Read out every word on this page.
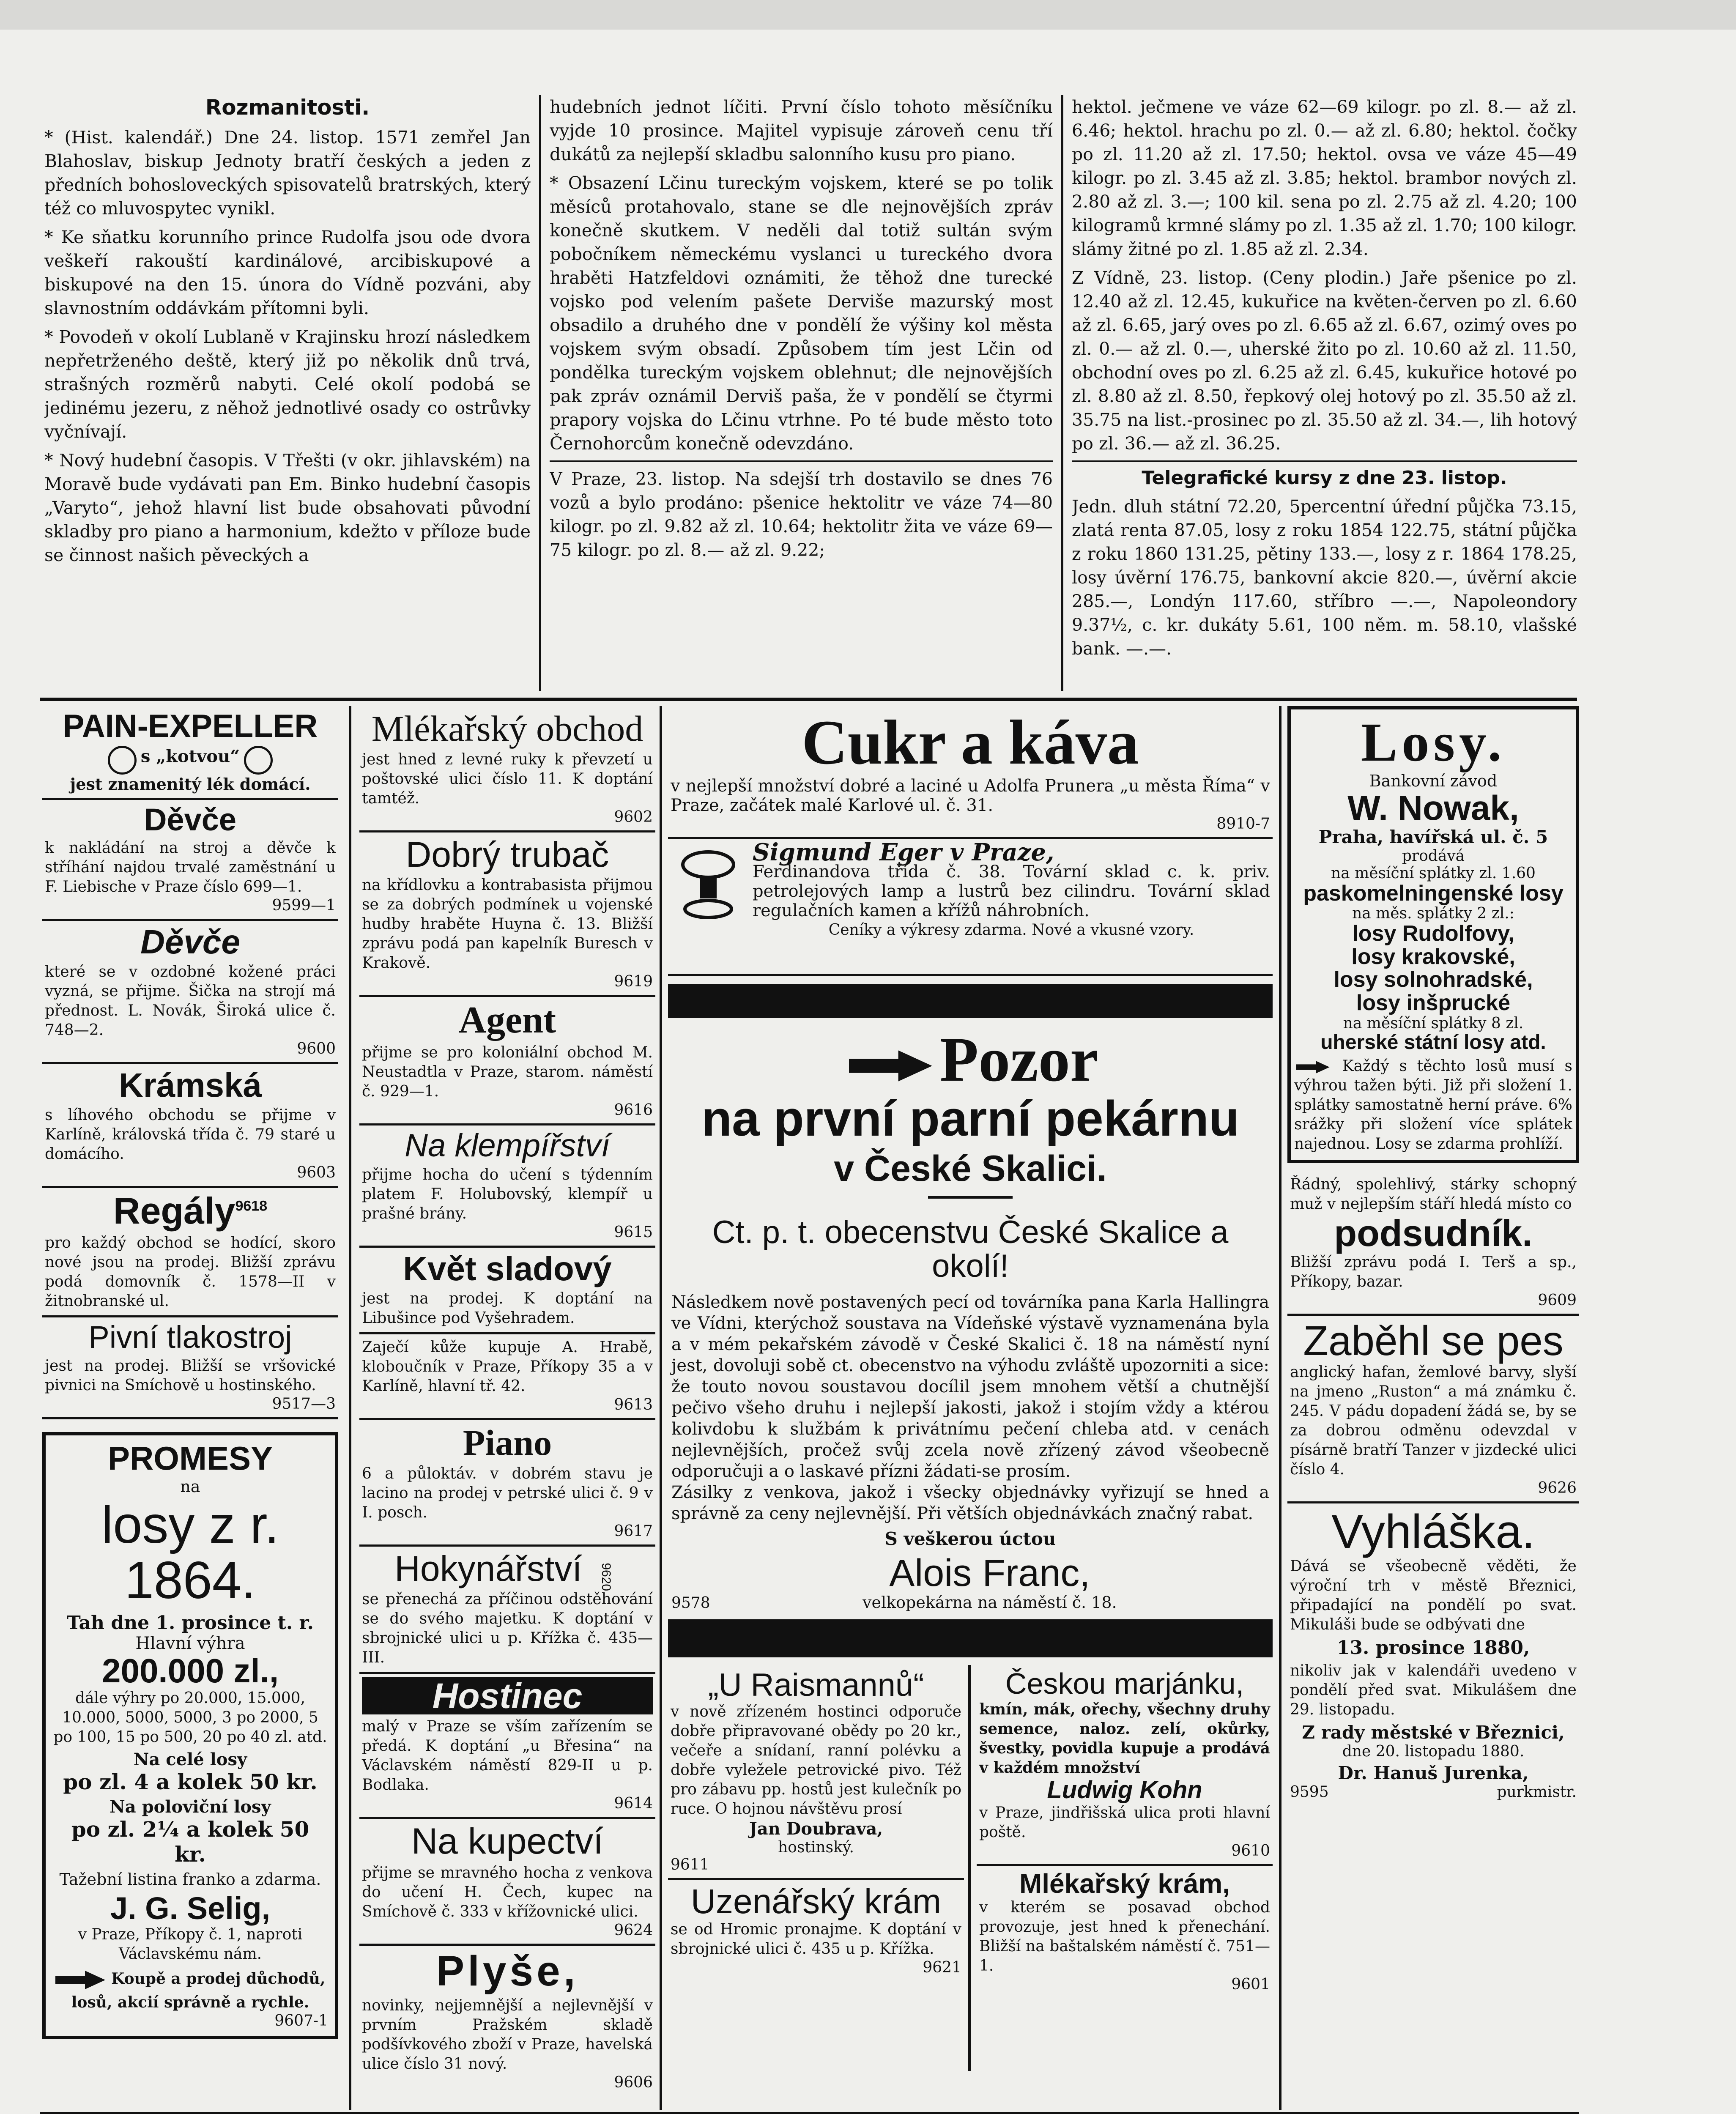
Rozmanitosti.

* (Hist. kalendář.) Dne 24. listop. 1571 zemřel Jan Blahoslav, biskup Jednoty bratří českých a jeden z předních bohosloveckých spisovatelů bratrských, který též co mluvospytec vynikl.

* Ke sňatku korunního prince Rudolfa jsou ode dvora veškeří rakouští kardinálové, arcibiskupové a biskupové na den 15. února do Vídně pozváni, aby slavnostním oddávkám přítomni byli.

* Povodeň v okolí Lublaně v Krajinsku hrozí následkem nepřetrženého deště, který již po několik dnů trvá, strašných rozměrů nabyti. Celé okolí podobá se jedinému jezeru, z něhož jednotlivé osady co ostrůvky vyčnívají.

* Nový hudební časopis. V Třešti (v okr. jihlavském) na Moravě bude vydávati pan Em. Binko hudební časopis „Varyto“, jehož hlavní list bude obsahovati původní skladby pro piano a harmonium, kdežto v příloze bude se činnost našich pěveckých a

hudebních jednot líčiti. První číslo tohoto měsíčníku vyjde 10 prosince. Majitel vypisuje zároveň cenu tří dukátů za nejlepší skladbu salonního kusu pro piano.

* Obsazení Lčinu tureckým vojskem, které se po tolik měsíců protahovalo, stane se dle nejnovějších zpráv konečně skutkem. V neděli dal totiž sultán svým pobočníkem německému vyslanci u tureckého dvora hraběti Hatzfeldovi oznámiti, že těhož dne turecké vojsko pod velením pašete Derviše mazurský most obsadilo a druhého dne v pondělí že výšiny kol města vojskem svým obsadí. Způsobem tím jest Lčin od pondělka tureckým vojskem oblehnut; dle nejnovějších pak zpráv oznámil Derviš paša, že v pondělí se čtyrmi prapory vojska do Lčinu vtrhne. Po té bude město toto Černohorcům konečně odevzdáno.

V Praze, 23. listop. Na sdejší trh dostavilo se dnes 76 vozů a bylo prodáno: pšenice hektolitr ve váze 74—80 kilogr. po zl. 9.82 až zl. 10.64; hektolitr žita ve váze 69—75 kilogr. po zl. 8.— až zl. 9.22;

hektol. ječmene ve váze 62—69 kilogr. po zl. 8.— až zl. 6.46; hektol. hrachu po zl. 0.— až zl. 6.80; hektol. čočky po zl. 11.20 až zl. 17.50; hektol. ovsa ve váze 45—49 kilogr. po zl. 3.45 až zl. 3.85; hektol. brambor nových zl. 2.80 až zl. 3.—; 100 kil. sena po zl. 2.75 až zl. 4.20; 100 kilogramů krmné slámy po zl. 1.35 až zl. 1.70; 100 kilogr. slámy žitné po zl. 1.85 až zl. 2.34.

Z Vídně, 23. listop. (Ceny plodin.) Jaře pšenice po zl. 12.40 až zl. 12.45, kukuřice na květen-červen po zl. 6.60 až zl. 6.65, jarý oves po zl. 6.65 až zl. 6.67, ozimý oves po zl. 0.— až zl. 0.—, uherské žito po zl. 10.60 až zl. 11.50, obchodní oves po zl. 6.25 až zl. 6.45, kukuřice hotové po zl. 8.80 až zl. 8.50, řepkový olej hotový po zl. 35.50 až zl. 35.75 na list.-prosinec po zl. 35.50 až zl. 34.—, lih hotový po zl. 36.— až zl. 36.25.

Telegrafické kursy z dne 23. listop.

Jedn. dluh státní 72.20, 5percentní úřední půjčka 73.15, zlatá renta 87.05, losy z roku 1854 122.75, státní půjčka z roku 1860 131.25, pětiny 133.—, losy z r. 1864 178.25, losy úvěrní 176.75, bankovní akcie 820.—, úvěrní akcie 285.—, Londýn 117.60, stříbro —.—, Napoleondory 9.37½, c. kr. dukáty 5.61, 100 něm. m. 58.10, vlašské bank. —.—.

PAIN-EXPELLER
s „kotvou“
jest znamenitý lék domácí.
Děvče

k nakládání na stroj a děvče k stříhání najdou trvalé zaměstnání u F. Liebische v Praze číslo 699—1.

9599—1

Děvče

které se v ozdobné kožené práci vyzná, se přijme. Šička na strojí má přednost. L. Novák, Široká ulice č. 748—2.

9600

Krámská

s líhového obchodu se přijme v Karlíně, královská třída č. 79 staré u domácího.

9603

Regály$^{9618}$

pro každý obchod se hodící, skoro nové jsou na prodej. Bližší zprávu podá domovník č. 1578—II v žitnobranské ul.

Pivní tlakostroj

jest na prodej. Bližší se vršovické pivnici na Smíchově u hostinského.

9517—3

PROMESY

na

losy z r. 1864.

Tah dne 1. prosince t. r.

Hlavní výhra

200.000 zl.,

dále výhry po 20.000, 15.000, 10.000, 5000, 5000, 3 po 2000, 5 po 100, 15 po 500, 20 po 40 zl. atd.

Na celé losy

po zl. 4 a kolek 50 kr.

Na poloviční losy

po zl. 2¼ a kolek 50 kr.

Tažební listina franko a zdarma.

J. G. Selig,

v Praze, Příkopy č. 1, naproti Václavskému nám.

Koupě a prodej důchodů, losů, akcií správně a rychle.

9607-1

Mlékařský obchod

jest hned z levné ruky k převzetí u poštovské ulici číslo 11. K doptání tamtéž.

9602

Dobrý trubač

na křídlovku a kontrabasista přijmou se za dobrých podmínek u vojenské hudby hraběte Huyna č. 13. Bližší zprávu podá pan kapelník Buresch v Krakově.

9619

Agent

přijme se pro koloniální obchod M. Neustadtla v Praze, starom. náměstí č. 929—1.

9616

Na klempířství

přijme hocha do učení s týdenním platem F. Holubovský, klempíř u prašné brány.

9615

Květ sladový

jest na prodej. K doptání na Libušince pod Vyšehradem.

Zaječí kůže kupuje A. Hrabě, kloboučník v Praze, Příkopy 35 a v Karlíně, hlavní tř. 42.

9613

Piano

6 a půloktáv. v dobrém stavu je lacino na prodej v petrské ulici č. 9 v I. posch.

9617

Hokynářství 9620

se přenechá za příčinou odstěhování se do svého majetku. K doptání v sbrojnické ulici u p. Křížka č. 435—III.

Hostinec

malý v Praze se vším zařízením se předá. K doptání „u Břesina“ na Václavském náměstí 829-II u p. Bodlaka.

9614

Na kupectví

přijme se mravného hocha z venkova do učení H. Čech, kupec na Smíchově č. 333 v křížovnické ulici.

9624

Plyše,

novinky, nejjemnější a nejlevnější v prvním Pražském skladě podšívkového zboží v Praze, havelská ulice číslo 31 nový.

9606

Cukr a káva

v nejlepší množství dobré a laciné u Adolfa Prunera „u města Říma“ v Praze, začátek malé Karlové ul. č. 31.

8910-7

Sigmund Eger v Praze,

Ferdinandova třída č. 38. Tovární sklad c. k. priv. petrolejových lamp a lustrů bez cilindru. Tovární sklad regulačních kamen a křížů náhrobních.

Ceníky a výkresy zdarma. Nové a vkusné vzory.

Pozor

na první parní pekárnu

v České Skalici.

Ct. p. t. obecenstvu České Skalice a okolí!

Následkem nově postavených pecí od továrníka pana Karla Hallingra ve Vídni, kterýchož soustava na Vídeňské výstavě vyznamenána byla a v mém pekařském závodě v České Skalici č. 18 na náměstí nyní jest, dovoluji sobě ct. obecenstvo na výhodu zvláště upozorniti a sice: že touto novou soustavou docílil jsem mnohem větší a chutnější pečivo všeho druhu i nejlepší jakosti, jakož i stojím vždy a ktérou kolivdobu k službám k privátnímu pečení chleba atd. v cenách nejlevnějších, pročež svůj zcela nově zřízený závod všeobecně odporučuji a o laskavé přízni žádati-se prosím.

Zásilky z venkova, jakož i všecky objednávky vyřizují se hned a správně za ceny nejlevnější. Při větších objednávkách značný rabat.

S veškerou úctou

9578
Alois Franc,
velkopekárna na náměstí č. 18.

„U Raismannů“

v nově zřízeném hostinci odporuče dobře připravované obědy po 20 kr., večeře a snídaní, ranní polévku a dobře vyležele petrovické pivo. Též pro zábavu pp. hostů jest kulečník po ruce. O hojnou návštěvu prosí

Jan Doubrava,

hostinský.

9611

Uzenářský krám

se od Hromic pronajme. K doptání v sbrojnické ulici č. 435 u p. Křížka.

9621

Českou marjánku,

kmín, mák, ořechy, všechny druhy semence, naloz. zelí, okůrky, švestky, povidla kupuje a prodává v každém množství

Ludwig Kohn

v Praze, jindřišská ulica proti hlavní poště.

9610

Mlékařský krám,

v kterém se posavad obchod provozuje, jest hned k přenechání. Bližší na baštalském náměstí č. 751—1.

9601

Losy.

Bankovní závod

W. Nowak,

Praha, havířská ul. č. 5

prodává

na měsíční splátky zl. 1.60

paskomelningenské losy

na měs. splátky 2 zl.:

losy Rudolfovy,

losy krakovské,

losy solnohradské,

losy inšprucké

na měsíční splátky 8 zl.

uherské státní losy atd.

Každý s těchto losů musí s výhrou tažen býti. Již při složení 1. splátky samostatně herní práve. 6% srážky při složení více splátek najednou. Losy se zdarma prohlíží.

Řádný, spolehlivý, stárky schopný muž v nejlepším stáří hledá místo co

podsudník.

Bližší zprávu podá I. Terš a sp., Příkopy, bazar.

9609

Zaběhl se pes

anglický hafan, žemlové barvy, slyší na jmeno „Ruston“ a má známku č. 245. V pádu dopadení žádá se, by se za dobrou odměnu odevzdal v písárně bratří Tanzer v jizdecké ulici číslo 4.

9626

Vyhláška.

Dává se všeobecně věděti, že výroční trh v městě Březnici, připadající na pondělí po svat. Mikuláši bude se odbývati dne

13. prosince 1880,

nikoliv jak v kalendáři uvedeno v pondělí před svat. Mikulášem dne 29. listopadu.

Z rady městské v Březnici,

dne 20. listopadu 1880.

Dr. Hanuš Jurenka,

9595	purkmistr.
